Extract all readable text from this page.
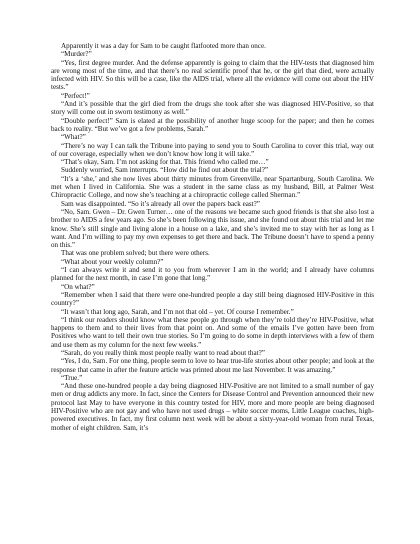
Apparently it was a day for Sam to be caught flatfooted more than once.

“Murder?”

“Yes, first degree murder. And the defense apparently is going to claim that the HIV-tests that diagnosed him are wrong most of the time, and that there’s no real scientific proof that he, or the girl that died, were actually infected with HIV. So this will be a case, like the AIDS trial, where all the evidence will come out about the HIV tests.”

“Perfect!”

“And it’s possible that the girl died from the drugs she took after she was diagnosed HIV-Positive, so that story will come out in sworn testimony as well.”

“Double perfect!” Sam is elated at the possibility of another huge scoop for the paper; and then he comes back to reality. “But we’ve got a few problems, Sarah.”

“What?”

“There’s no way I can talk the Tribune into paying to send you to South Carolina to cover this trial, way out of our coverage, especially when we don’t know how long it will take.”

“That’s okay, Sam. I’m not asking for that. This friend who called me…”

Suddenly worried, Sam interrupts. “How did he find out about the trial?”

“It’s a ‘she,’ and she now lives about thirty minutes from Greenville, near Spartanburg, South Carolina. We met when I lived in California. She was a student in the same class as my husband, Bill, at Palmer West Chiropractic College, and now she’s teaching at a chiropractic college called Sherman.”

Sam was disappointed. “So it’s already all over the papers back east?”

“No, Sam. Gwen – Dr. Gwen Turner… one of the reasons we became such good friends is that she also lost a brother to AIDS a few years ago. So she’s been following this issue, and she found out about this trial and let me know. She’s still single and living alone in a house on a lake, and she’s invited me to stay with her as long as I want. And I’m willing to pay my own expenses to get there and back. The Tribune doesn’t have to spend a penny on this.”

That was one problem solved; but there were others.

“What about your weekly column?”

“I can always write it and send it to you from wherever I am in the world; and I already have columns planned for the next month, in case I’m gone that long.”

“On what?”

“Remember when I said that there were one-hundred people a day still being diagnosed HIV-Positive in this country?”

“It wasn’t that long ago, Sarah, and I’m not that old – yet. Of course I remember.”

“I think our readers should know what these people go through when they’re told they’re HIV-Positive, what happens to them and to their lives from that point on. And some of the emails I’ve gotten have been from Positives who want to tell their own true stories. So I’m going to do some in depth interviews with a few of them and use them as my column for the next few weeks.”

“Sarah, do you really think most people really want to read about that?”

“Yes, I do, Sam. For one thing, people seem to love to hear true-life stories about other people; and look at the response that came in after the feature article was printed about me last November. It was amazing.”

“True.”

“And these one-hundred people a day being diagnosed HIV-Positive are not limited to a small number of gay men or drug addicts any more. In fact, since the Centers for Disease Control and Prevention announced their new protocol last May to have everyone in this country tested for HIV, more and more people are being diagnosed HIV-Positive who are not gay and who have not used drugs – white soccer moms, Little League coaches, high-powered executives. In fact, my first column next week will be about a sixty-year-old woman from rural Texas, mother of eight children. Sam, it’s
